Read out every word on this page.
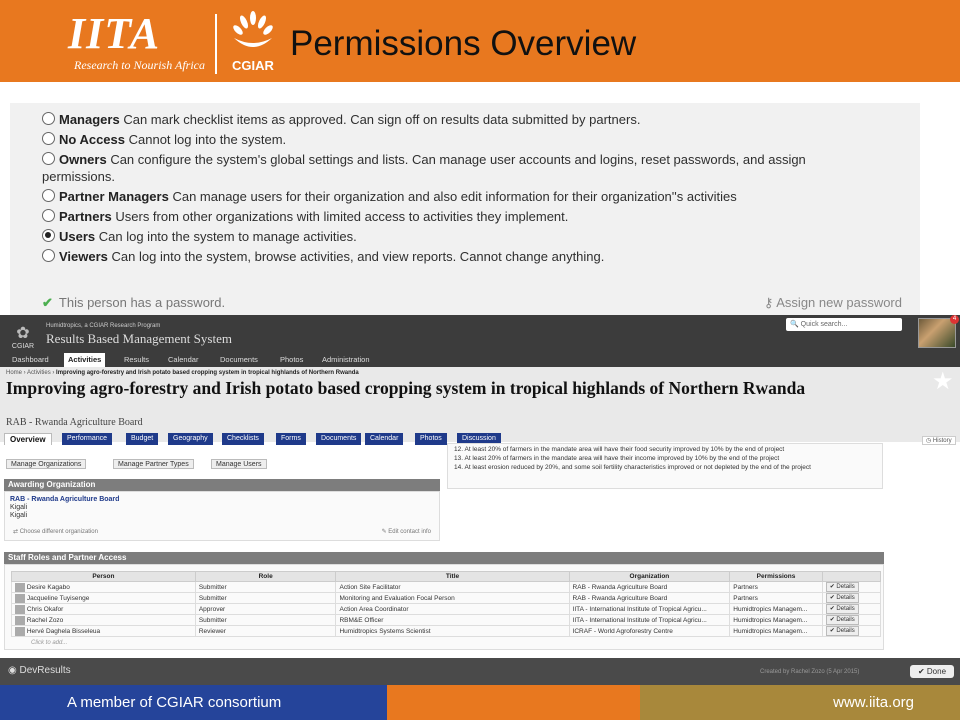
IITA
Research to Nourish Africa CGIAR
Permissions Overview
Managers Can mark checklist items as approved. Can sign off on results data submitted by partners.
No Access Cannot log into the system.
Owners Can configure the system's global settings and lists. Can manage user accounts and logins, reset passwords, and assign permissions.
Partner Managers Can manage users for their organization and also edit information for their organization''s activities
Partners Users from other organizations with limited access to activities they implement.
Users Can log into the system to manage activities.
Viewers Can log into the system, browse activities, and view reports. Cannot change anything.
✔ This person has a password.	⚷ Assign new password
✿
CGIAR
Humidtropics, a CGIAR Research Program
Results Based Management System
🔍 Quick search...
4
Dashboard	Activities	Results	Calendar	Documents	Photos	Administration
Home › Activities › Improving agro-forestry and Irish potato based cropping system in tropical highlands of Northern Rwanda
Improving agro-forestry and Irish potato based cropping system in tropical highlands of Northern Rwanda	★
RAB - Rwanda Agriculture Board
Overview	Performance	Budget	Geography	Checklists	Forms	Documents	Calendar	Photos	Discussion	◷ History
Manage Organizations	Manage Partner Types	Manage Users
Awarding Organization
RAB - Rwanda Agriculture Board
Kigali
Kigali
⇄ Choose different organization	✎ Edit contact info
12. At least 20% of farmers in the mandate area will have their food security improved by 10% by the end of project
13. At least 20% of farmers in the mandate area will have their income improved by 10% by the end of the project
14. At least erosion reduced by 20%, and some soil fertility characteristics improved or not depleted by the end of the project
Staff Roles and Partner Access
Person	Role	Title	Organization	Permissions	
Desire Kagabo	Submitter	Action Site Facilitator	RAB - Rwanda Agriculture Board	Partners	✔ Details
Jacqueline Tuyisenge	Submitter	Monitoring and Evaluation Focal Person	RAB - Rwanda Agriculture Board	Partners	✔ Details
Chris Okafor	Approver	Action Area Coordinator	IITA - International Institute of Tropical Agricu...	Humidtropics Managem...	✔ Details
Rachel Zozo	Submitter	RBM&E Officer	IITA - International Institute of Tropical Agricu...	Humidtropics Managem...	✔ Details
Hervé Daghela Bisseleua	Reviewer	Humidtropics Systems Scientist	ICRAF - World Agroforestry Centre	Humidtropics Managem...	✔ Details
Click to add...
◉ DevResults	Created by Rachel Zozo (5 Apr 2015)	✔ Done
A member of CGIAR consortium	www.iita.org
